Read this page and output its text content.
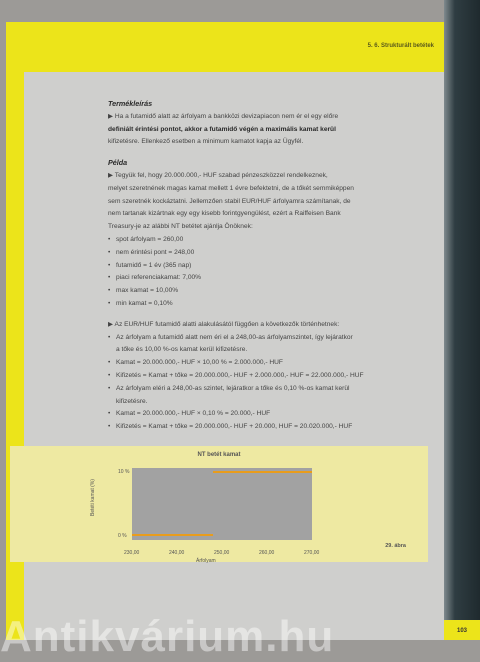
5. 6. Strukturált betétek

Termékleírás

▶ Ha a futamidő alatt az árfolyam a bankközi devizapiacon nem ér el egy előre

definiált érintési pontot, akkor a futamidő végén a maximális kamat kerül

kifizetésre. Ellenkező esetben a minimum kamatot kapja az Ügyfél.

Példa

▶ Tegyük fel, hogy 20.000.000,- HUF szabad pénzeszközzel rendelkeznek,

melyet szeretnének magas kamat mellett 1 évre befektetni, de a tőkét semmiképpen

sem szeretnék kockáztatni. Jellemzően stabil EUR/HUF árfolyamra számítanak, de

nem tartanak kizártnak egy egy kisebb forintgyengülést, ezért a Raiffeisen Bank

Treasury-je az alábbi NT betétet ajánlja Önöknek:

• spot árfolyam = 260,00
• nem érintési pont = 248,00
• futamidő = 1 év (365 nap)
• piaci referenciakamat: 7,00%
• max kamat = 10,00%
• min kamat = 0,10%

▶ Az EUR/HUF futamidő alatti alakulásától függően a következők történhetnek:

• Az árfolyam a futamidő alatt nem éri el a 248,00-as árfolyamszintet, így lejáratkor

a tőke és 10,00 %-os kamat kerül kifizetésre.

• Kamat = 20.000.000,- HUF × 10,00 % = 2.000.000,- HUF
• Kifizetés = Kamat + tőke = 20.000.000,- HUF + 2.000.000,- HUF = 22.000.000,- HUF
• Az árfolyam eléri a 248,00-as szintet, lejáratkor a tőke és 0,10 %-os kamat kerül

kifizetésre.

• Kamat = 20.000.000,- HUF × 0,10 % = 20.000,- HUF
• Kifizetés = Kamat + tőke = 20.000.000,- HUF + 20.000, HUF = 20.020.000,- HUF
NT betét kamat
Betéti kamat (%)
10 %
0 %
230,00	240,00	250,00	260,00	270,00
Árfolyam
29. ábra
103
Antikvárium.hu
